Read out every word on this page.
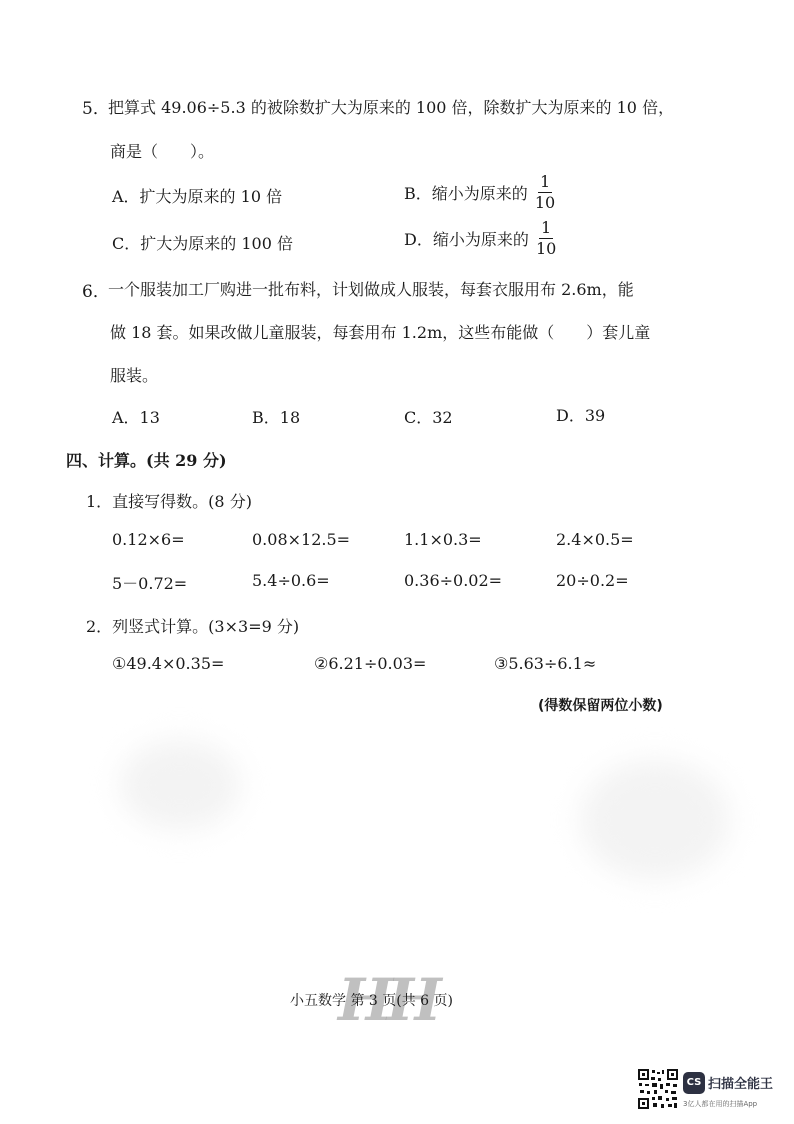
5．
把算式 49.06÷5.3 的被除数扩大为原来的 100 倍，除数扩大为原来的 10 倍，
商是（　　）。
A．扩大为原来的 10 倍	B．缩小为原来的 $\frac{1}{10}$
C．扩大为原来的 100 倍	D．缩小为原来的 $\frac{1}{10}$
6．
一个服装加工厂购进一批布料，计划做成人服装，每套衣服用布 2.6m，能
做 18 套。如果改做儿童服装，每套用布 1.2m，这些布能做（　　）套儿童
服装。
A．13	B．18	C．32	D．39
四、计算。(共 29 分)
1．直接写得数。(8 分)
0.12×6=	0.08×12.5=	1.1×0.3=	2.4×0.5=
5－0.72=	5.4÷0.6=	0.36÷0.02=	20÷0.2=
2．列竖式计算。(3×3=9 分)
①49.4×0.35=	②6.21÷0.03=	③5.63÷6.1≈
(得数保留两位小数)
HH
小五数学 第 3 页(共 6 页)
CS 扫描全能王
3亿人都在用的扫描App
